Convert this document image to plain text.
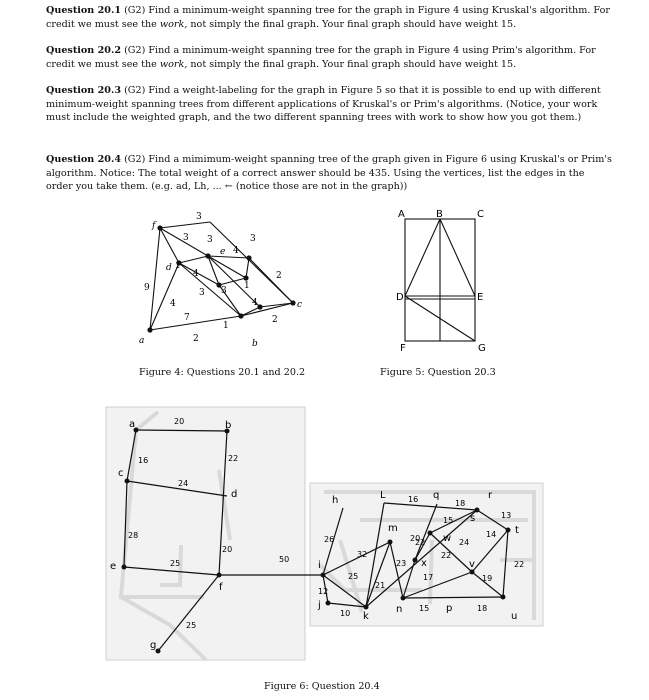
Question 20.1 (G2) Find a minimum-weight spanning tree for the graph in Figure 4 using Kruskal's algorithm. For credit we must see the work, not simply the final graph. Your final graph should have weight 15.

Question 20.2 (G2) Find a minimum-weight spanning tree for the graph in Figure 4 using Prim's algorithm. For credit we must see the work, not simply the final graph. Your final graph should have weight 15.

Question 20.3 (G2) Find a weight-labeling for the graph in Figure 5 so that it is possible to end up with different minimum-weight spanning trees from different applications of Kruskal's or Prim's algorithms. (Notice, your work must include the weighted graph, and the two different spanning trees with work to show how you got them.)

Question 20.4 (G2) Find a mimimum-weight spanning tree of the graph given in Figure 6 using Kruskal's or Prim's algorithm. Notice: The total weight of a correct answer should be 435. Using the vertices, list the edges in the order you take them. (e.g. ad, Lh, ... ← (notice those are not in the graph))

f
d
e
c
a	b
3
3 3
4
3
1
9
4	2
3 3 1
4
7
2
1
2
4
A	B	C
D	E
F	G
a	b
c
d
e
f
g
h	L	q	r
m
s
t
w
x	v
i
j
k
n	p
u
20
16	22
24
28
20
25
25
50
16	18
26
32
13
15
20	24
14
22
23
22
12
25
21
17	19
22
10
15	18
Figure 4: Questions 20.1 and 20.2	Figure 5: Question 20.3
Figure 6: Question 20.4
